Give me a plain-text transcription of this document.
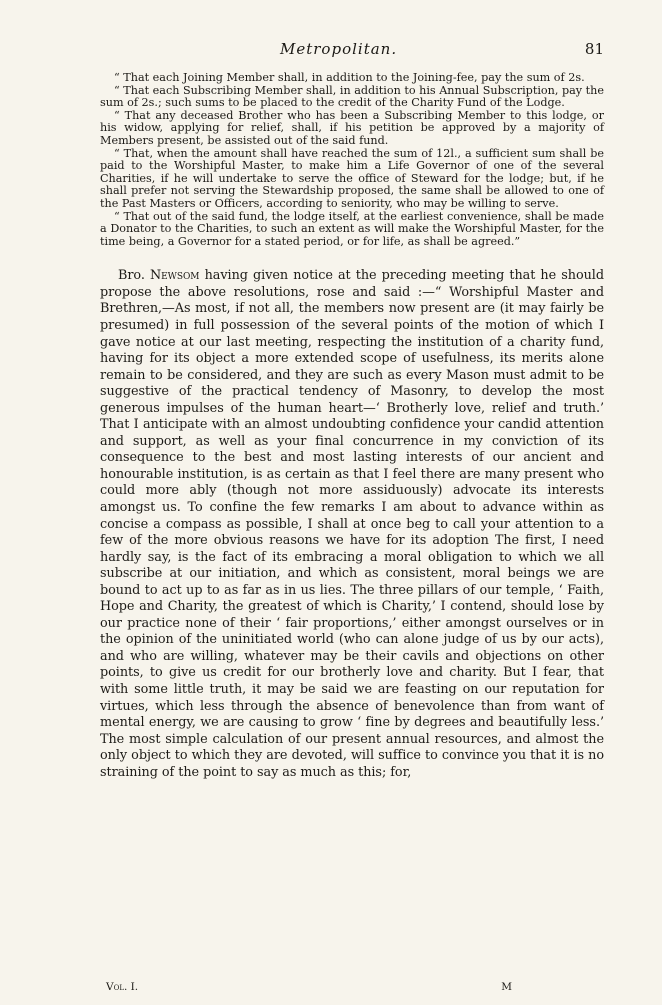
Metropolitan.	81

“ That each Joining Member shall, in addition to the Joining-fee, pay the sum of 2s.

“ That each Subscribing Member shall, in addition to his Annual Subscription, pay the sum of 2s.; such sums to be placed to the credit of the Charity Fund of the Lodge.

“ That any deceased Brother who has been a Subscribing Member to this lodge, or his widow, applying for relief, shall, if his petition be approved by a majority of Members present, be assisted out of the said fund.

“ That, when the amount shall have reached the sum of 12l., a sufficient sum shall be paid to the Worshipful Master, to make him a Life Governor of one of the several Charities, if he will undertake to serve the office of Steward for the lodge; but, if he shall prefer not serving the Stewardship proposed, the same shall be allowed to one of the Past Masters or Officers, according to seniority, who may be willing to serve.

“ That out of the said fund, the lodge itself, at the earliest convenience, shall be made a Donator to the Charities, to such an extent as will make the Worshipful Master, for the time being, a Governor for a stated period, or for life, as shall be agreed.”

Bro. Newsom having given notice at the preceding meeting that he should propose the above resolutions, rose and said :—“ Worshipful Master and Brethren,—As most, if not all, the members now present are (it may fairly be presumed) in full possession of the several points of the motion of which I gave notice at our last meeting, respecting the institution of a charity fund, having for its object a more extended scope of usefulness, its merits alone remain to be considered, and they are such as every Mason must admit to be suggestive of the practical tendency of Masonry, to develop the most generous impulses of the human heart—‘ Brotherly love, relief and truth.’ That I anticipate with an almost undoubting confidence your candid attention and support, as well as your final concurrence in my conviction of its consequence to the best and most lasting interests of our ancient and honourable institution, is as certain as that I feel there are many present who could more ably (though not more assiduously) advocate its interests amongst us. To confine the few remarks I am about to advance within as concise a compass as possible, I shall at once beg to call your attention to a few of the more obvious reasons we have for its adoption The first, I need hardly say, is the fact of its embracing a moral obligation to which we all subscribe at our initiation, and which as consistent, moral beings we are bound to act up to as far as in us lies. The three pillars of our temple, ‘ Faith, Hope and Charity, the greatest of which is Charity,’ I contend, should lose by our practice none of their ‘ fair proportions,’ either amongst ourselves or in the opinion of the uninitiated world (who can alone judge of us by our acts), and who are willing, whatever may be their cavils and objections on other points, to give us credit for our brotherly love and charity. But I fear, that with some little truth, it may be said we are feasting on our reputation for virtues, which less through the absence of benevolence than from want of mental energy, we are causing to grow ‘ fine by degrees and beautifully less.’ The most simple calculation of our present annual resources, and almost the only object to which they are devoted, will suffice to convince you that it is no straining of the point to say as much as this; for,

Vol. I.	M
